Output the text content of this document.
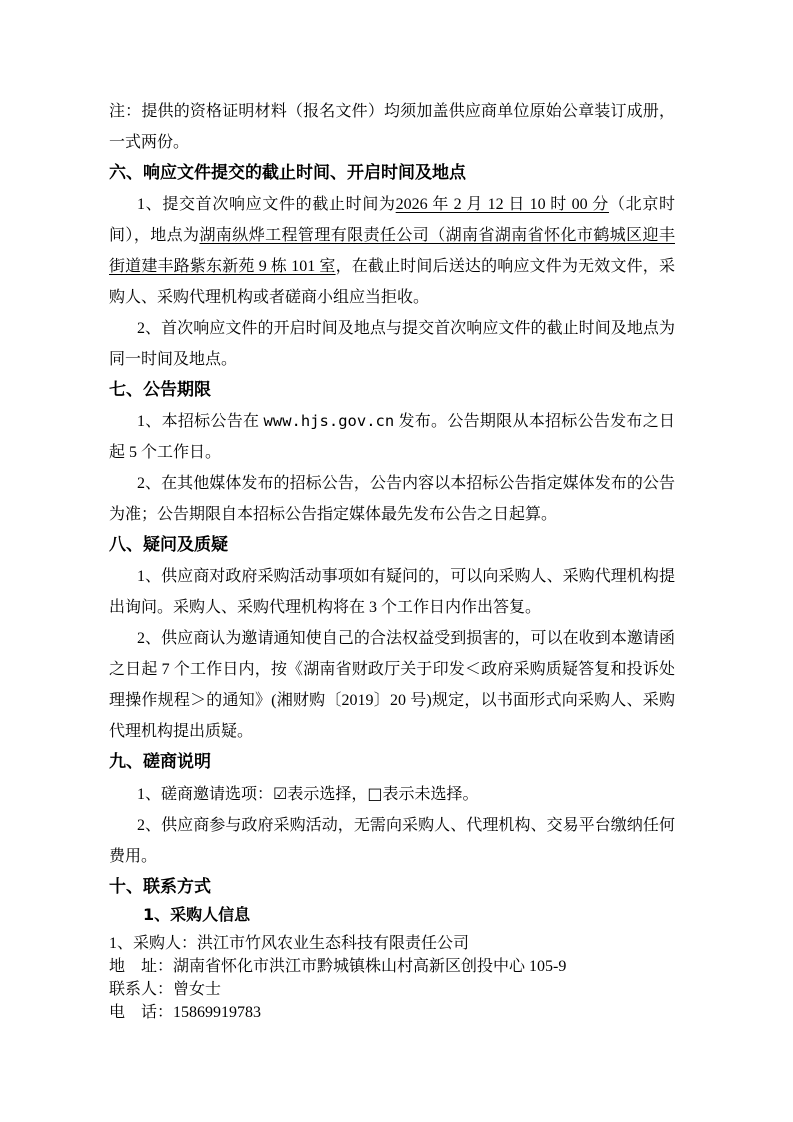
注：提供的资格证明材料（报名文件）均须加盖供应商单位原始公章装订成册，一式两份。

六、响应文件提交的截止时间、开启时间及地点

1、提交首次响应文件的截止时间为2026 年 2 月 12 日 10 时 00 分（北京时间），地点为湖南纵烨工程管理有限责任公司（湖南省湖南省怀化市鹤城区迎丰街道建丰路紫东新苑 9 栋 101 室，在截止时间后送达的响应文件为无效文件，采购人、采购代理机构或者磋商小组应当拒收。

2、首次响应文件的开启时间及地点与提交首次响应文件的截止时间及地点为同一时间及地点。

七、公告期限

1、本招标公告在 www.hjs.gov.cn 发布。公告期限从本招标公告发布之日起 5 个工作日。

2、在其他媒体发布的招标公告，公告内容以本招标公告指定媒体发布的公告为准；公告期限自本招标公告指定媒体最先发布公告之日起算。

八、疑问及质疑

1、供应商对政府采购活动事项如有疑问的，可以向采购人、采购代理机构提出询问。采购人、采购代理机构将在 3 个工作日内作出答复。

2、供应商认为邀请通知使自己的合法权益受到损害的，可以在收到本邀请函之日起 7 个工作日内，按《湖南省财政厅关于印发＜政府采购质疑答复和投诉处理操作规程＞的通知》(湘财购〔2019〕20 号)规定，以书面形式向采购人、采购代理机构提出质疑。

九、磋商说明

1、磋商邀请选项：☑表示选择，□表示未选择。

2、供应商参与政府采购活动，无需向采购人、代理机构、交易平台缴纳任何费用。

十、联系方式
1、采购人信息

1、采购人：洪江市竹风农业生态科技有限责任公司

地　址：湖南省怀化市洪江市黔城镇株山村高新区创投中心 105-9

联系人：曾女士

电　话：15869919783
